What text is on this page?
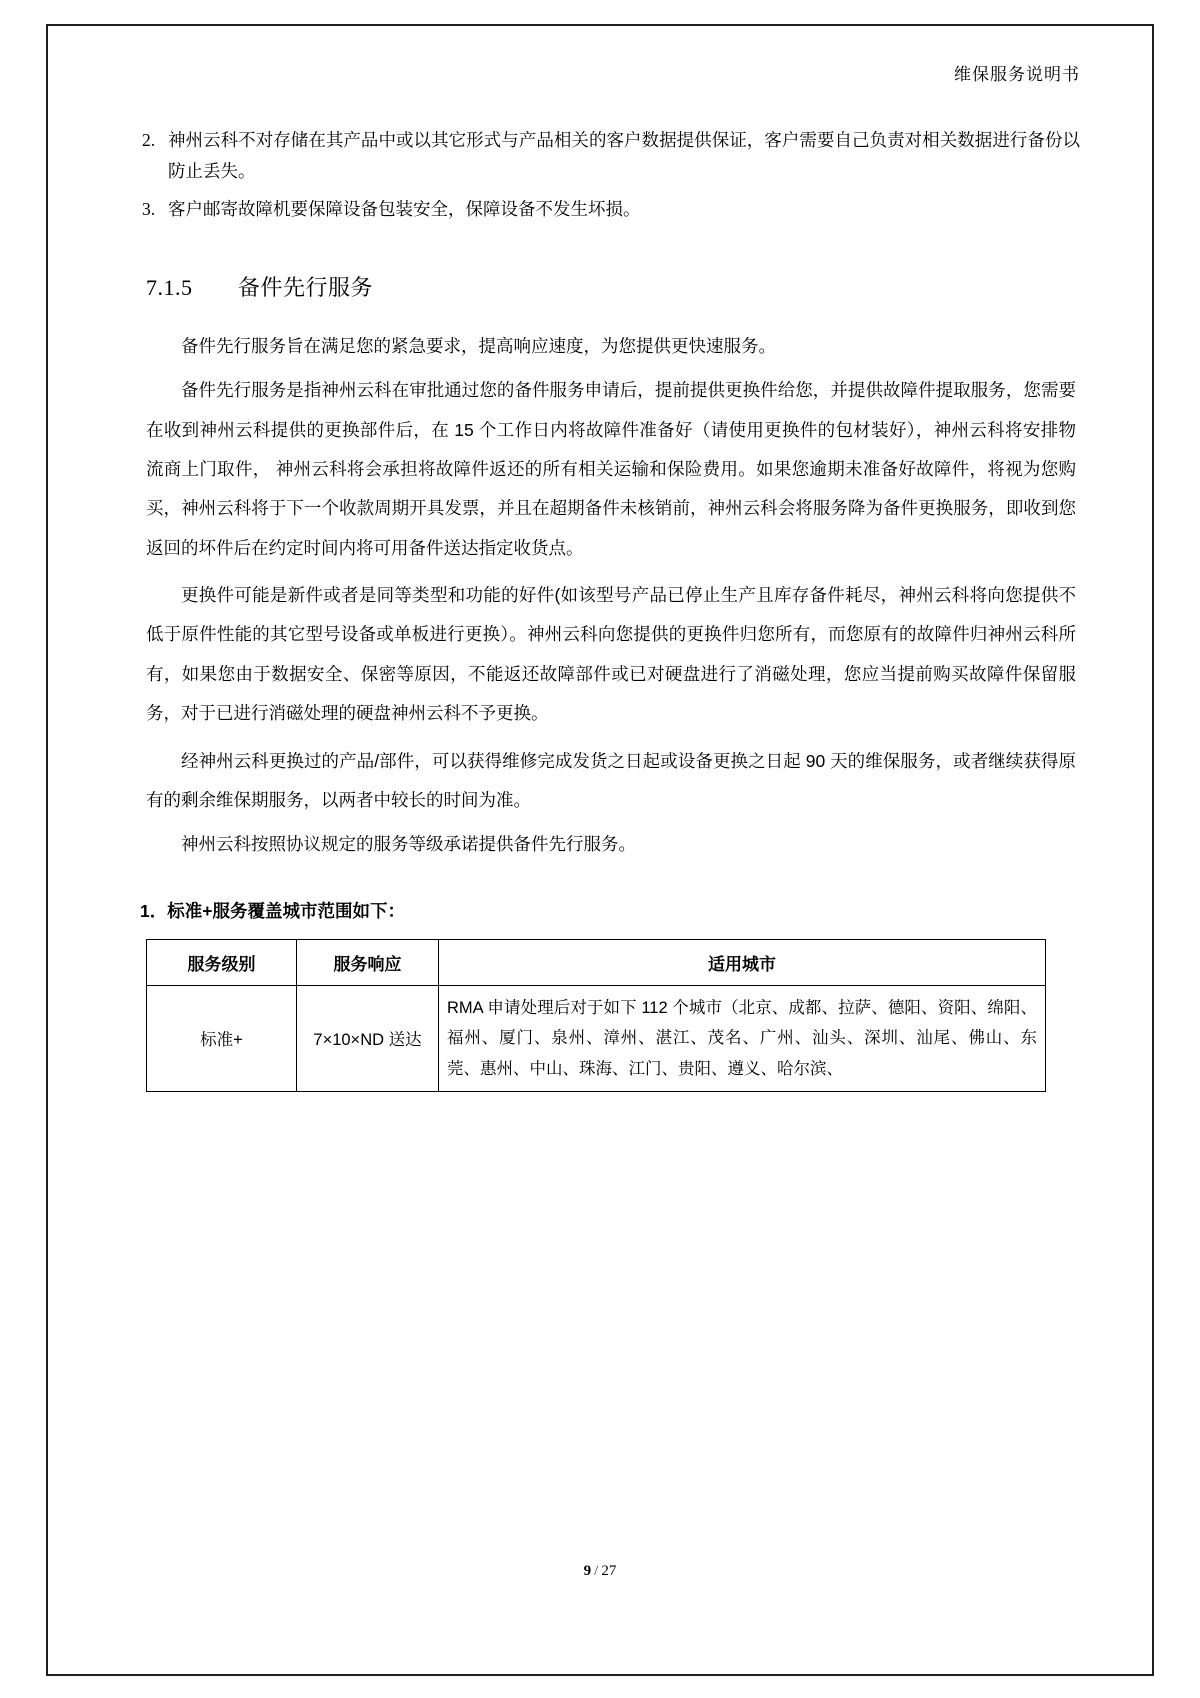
维保服务说明书
2. 神州云科不对存储在其产品中或以其它形式与产品相关的客户数据提供保证，客户需要自己负责对相关数据进行备份以防止丢失。
3. 客户邮寄故障机要保障设备包装安全，保障设备不发生坏损。
7.1.5 备件先行服务

备件先行服务旨在满足您的紧急要求，提高响应速度，为您提供更快速服务。

备件先行服务是指神州云科在审批通过您的备件服务申请后，提前提供更换件给您，并提供故障件提取服务，您需要在收到神州云科提供的更换部件后，在 15 个工作日内将故障件准备好（请使用更换件的包材装好），神州云科将安排物流商上门取件， 神州云科将会承担将故障件返还的所有相关运输和保险费用。如果您逾期未准备好故障件，将视为您购买，神州云科将于下一个收款周期开具发票，并且在超期备件未核销前，神州云科会将服务降为备件更换服务，即收到您返回的坏件后在约定时间内将可用备件送达指定收货点。

更换件可能是新件或者是同等类型和功能的好件(如该型号产品已停止生产且库存备件耗尽，神州云科将向您提供不低于原件性能的其它型号设备或单板进行更换）。神州云科向您提供的更换件归您所有，而您原有的故障件归神州云科所有，如果您由于数据安全、保密等原因，不能返还故障部件或已对硬盘进行了消磁处理，您应当提前购买故障件保留服务，对于已进行消磁处理的硬盘神州云科不予更换。

经神州云科更换过的产品/部件，可以获得维修完成发货之日起或设备更换之日起 90 天的维保服务，或者继续获得原有的剩余维保期服务，以两者中较长的时间为准。

神州云科按照协议规定的服务等级承诺提供备件先行服务。

1．标准+服务覆盖城市范围如下：

服务级别	服务响应	适用城市
标准+	7×10×ND 送达	RMA 申请处理后对于如下 112 个城市（北京、成都、拉萨、德阳、资阳、绵阳、福州、厦门、泉州、漳州、湛江、茂名、广州、汕头、深圳、汕尾、佛山、东莞、惠州、中山、珠海、江门、贵阳、遵义、哈尔滨、
9 / 27
